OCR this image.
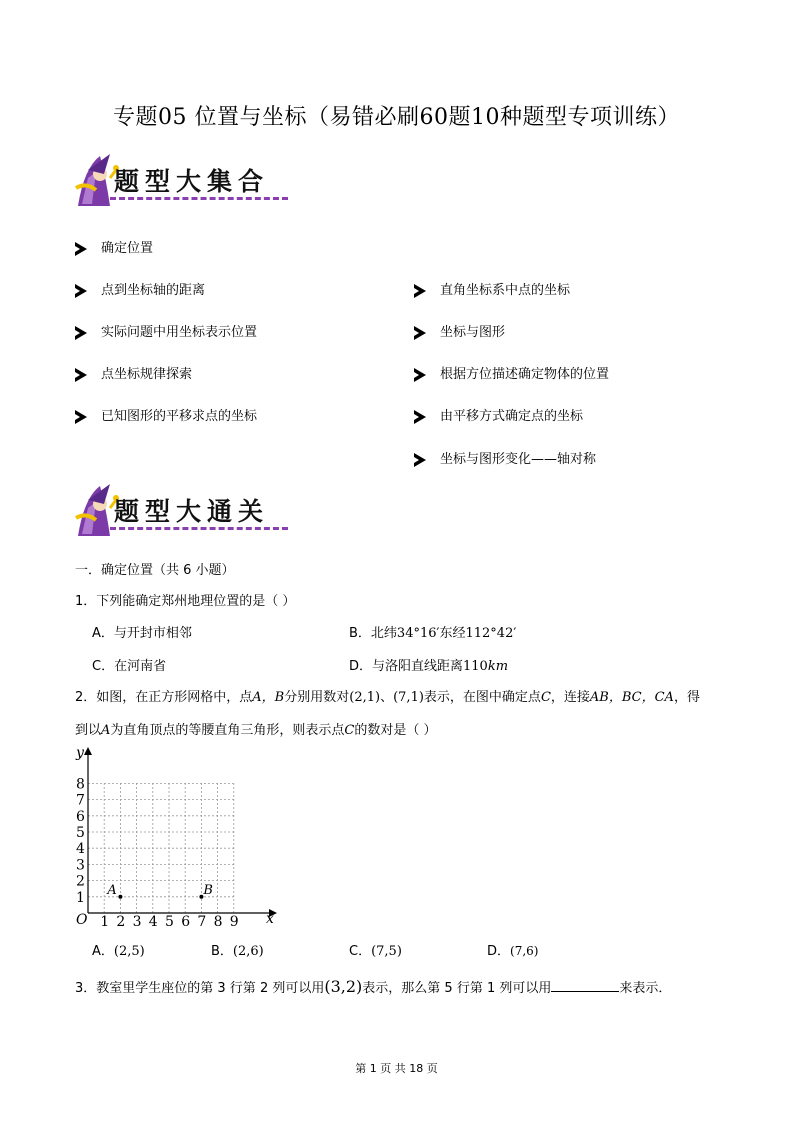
专题05 位置与坐标（易错必刷60题10种题型专项训练）
题型大集合
确定位置
点到坐标轴的距离
实际问题中用坐标表示位置
点坐标规律探索
已知图形的平移求点的坐标
直角坐标系中点的坐标
坐标与图形
根据方位描述确定物体的位置
由平移方式确定点的坐标
坐标与图形变化——轴对称
题型大通关
一．确定位置（共 6 小题）
1．下列能确定郑州地理位置的是（ ）
A．与开封市相邻	B．北纬34°16′东经112°42′
C．在河南省	D．与洛阳直线距离110km
2．如图，在正方形网格中，点A，B分别用数对(2,1)、(7,1)表示，在图中确定点C，连接AB，BC，CA，得
到以A为直角顶点的等腰直角三角形，则表示点C的数对是（ ）
y
x
O 1 2 3 4 5 6 7 8 9
1
2
3
4
5
6
7
8
A	B
A．(2,5)	B．(2,6)	C．(7,5)	D．(7,6)
3．教室里学生座位的第 3 行第 2 列可以用(3,2)表示，那么第 5 行第 1 列可以用	来表示．
第 1 页 共 18 页
